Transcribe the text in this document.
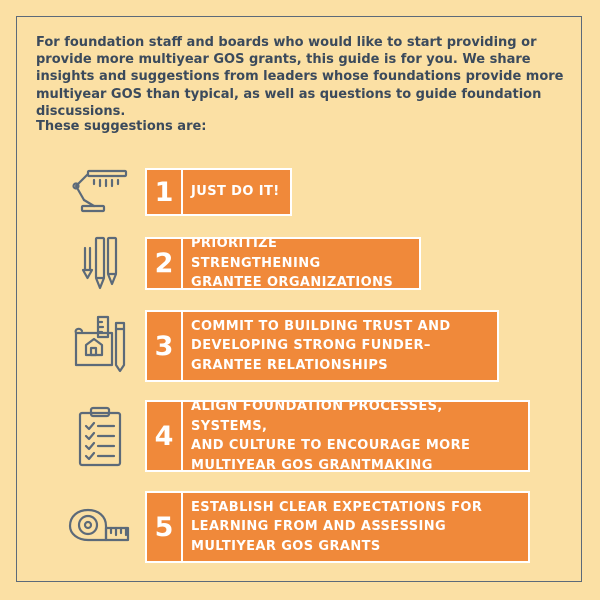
For foundation staff and boards who would like to start providing or provide more multiyear GOS grants, this guide is for you. We share insights and suggestions from leaders whose foundations provide more multiyear GOS than typical, as well as questions to guide foundation discussions.

These suggestions are:

1	JUST DO IT!
2
PRIORITIZE STRENGTHENING
GRANTEE ORGANIZATIONS
3
COMMIT TO BUILDING TRUST AND
DEVELOPING STRONG FUNDER–
GRANTEE RELATIONSHIPS
4
ALIGN FOUNDATION PROCESSES, SYSTEMS,
AND CULTURE TO ENCOURAGE MORE
MULTIYEAR GOS GRANTMAKING
5
ESTABLISH CLEAR EXPECTATIONS FOR
LEARNING FROM AND ASSESSING
MULTIYEAR GOS GRANTS
